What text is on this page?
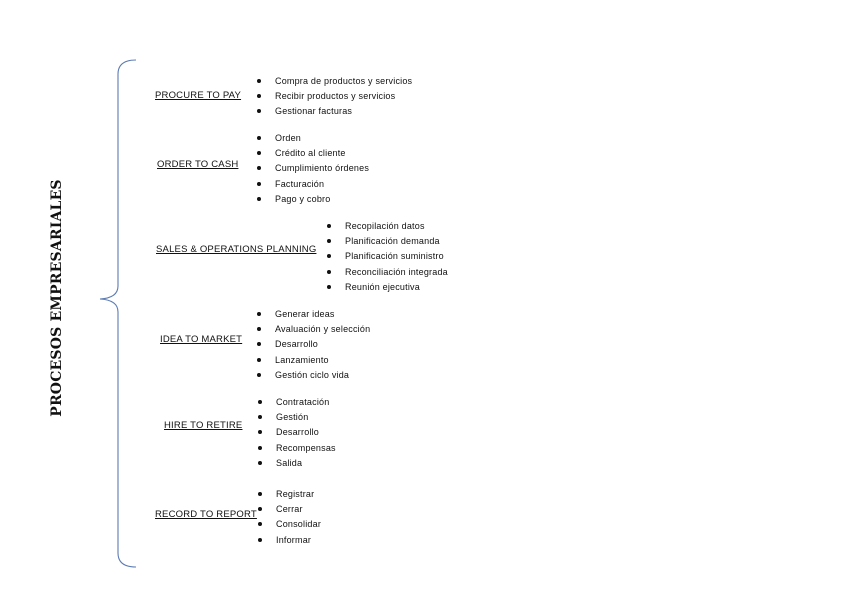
PROCESOS EMPRESARIALES
PROCURE TO PAY
Compra de productos y servicios
Recibir productos y servicios
Gestionar facturas
ORDER TO CASH
Orden
Crédito al cliente
Cumplimiento órdenes
Facturación
Pago y cobro
SALES & OPERATIONS PLANNING
Recopilación datos
Planificación demanda
Planificación suministro
Reconciliación integrada
Reunión ejecutiva
IDEA TO MARKET
Generar ideas
Avaluación y selección
Desarrollo
Lanzamiento
Gestión ciclo vida
HIRE TO RETIRE
Contratación
Gestión
Desarrollo
Recompensas
Salida
RECORD TO REPORT
Registrar
Cerrar
Consolidar
Informar
